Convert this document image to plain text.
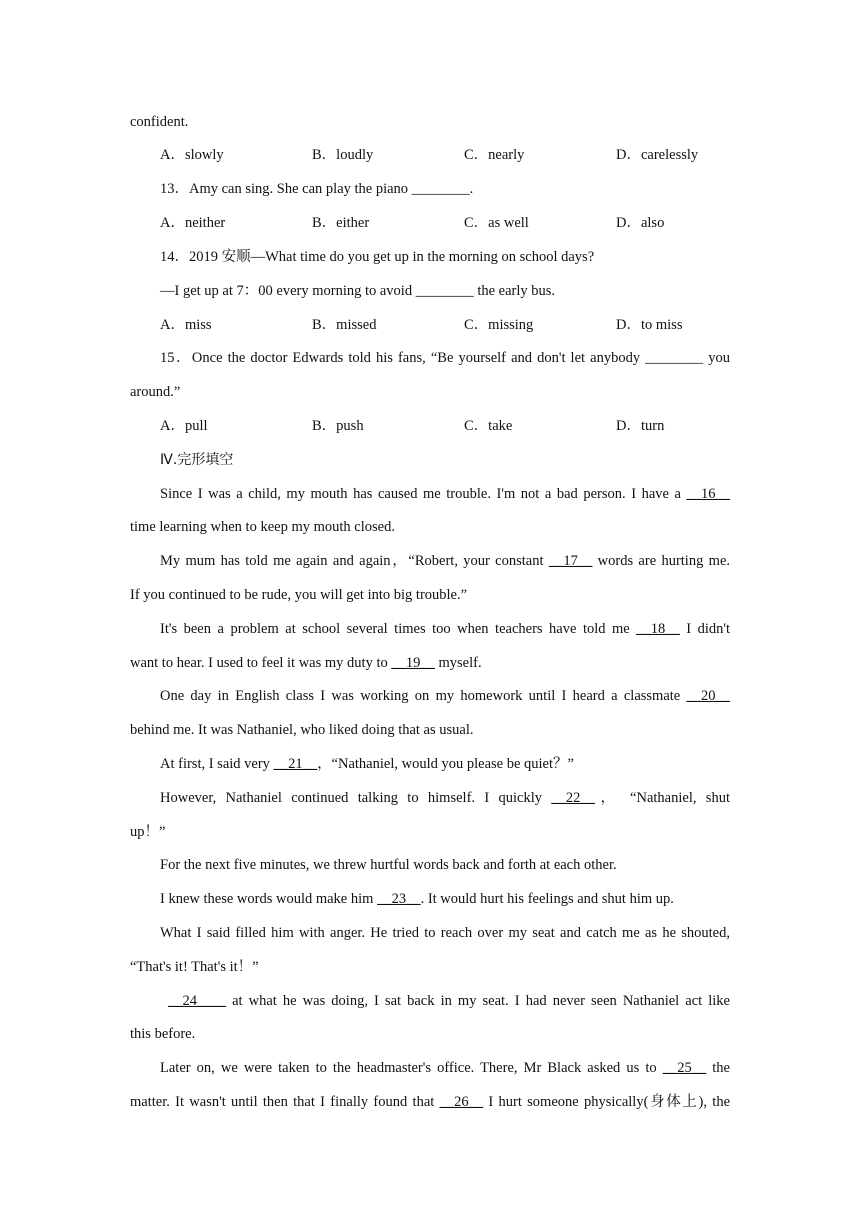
confident.
A．slowly	B．loudly	C．nearly	D．carelessly
13．Amy can sing. She can play the piano ________.
A．neither	B．either	C．as well	D．also
14．2019 安顺—What time do you get up in the morning on school days?
—I get up at 7：00 every morning to avoid ________ the early bus.
A．miss	B．missed	C．missing	D．to miss
15．Once the doctor Edwards told his fans, “Be yourself and don't let anybody ________ you
around.”
A．pull	B．push	C．take	D．turn
Ⅳ.完形填空
Since I was a child, my mouth has caused me trouble. I'm not a bad person. I have a __16__
time learning when to keep my mouth closed.
My mum has told me again and again，“Robert, your constant __17__ words are hurting me.
If you continued to be rude, you will get into big trouble.”
It's been a problem at school several times too when teachers have told me __18__ I didn't
want to hear. I used to feel it was my duty to __19__ myself.
One day in English class I was working on my homework until I heard a classmate __20__
behind me. It was Nathaniel, who liked doing that as usual.
At first, I said very __21__，“Nathaniel, would you please be quiet？”
However, Nathaniel continued talking to himself. I quickly __22__， “Nathaniel, shut
up！”
For the next five minutes, we threw hurtful words back and forth at each other.
I knew these words would make him __23__. It would hurt his feelings and shut him up.
What I said filled him with anger. He tried to reach over my seat and catch me as he shouted,
“That's it! That's it！”
__24____ at what he was doing, I sat back in my seat. I had never seen Nathaniel act like
this before.
Later on, we were taken to the headmaster's office. There, Mr Black asked us to __25__ the
matter. It wasn't until then that I finally found that __26__ I hurt someone physically(身体上), the
